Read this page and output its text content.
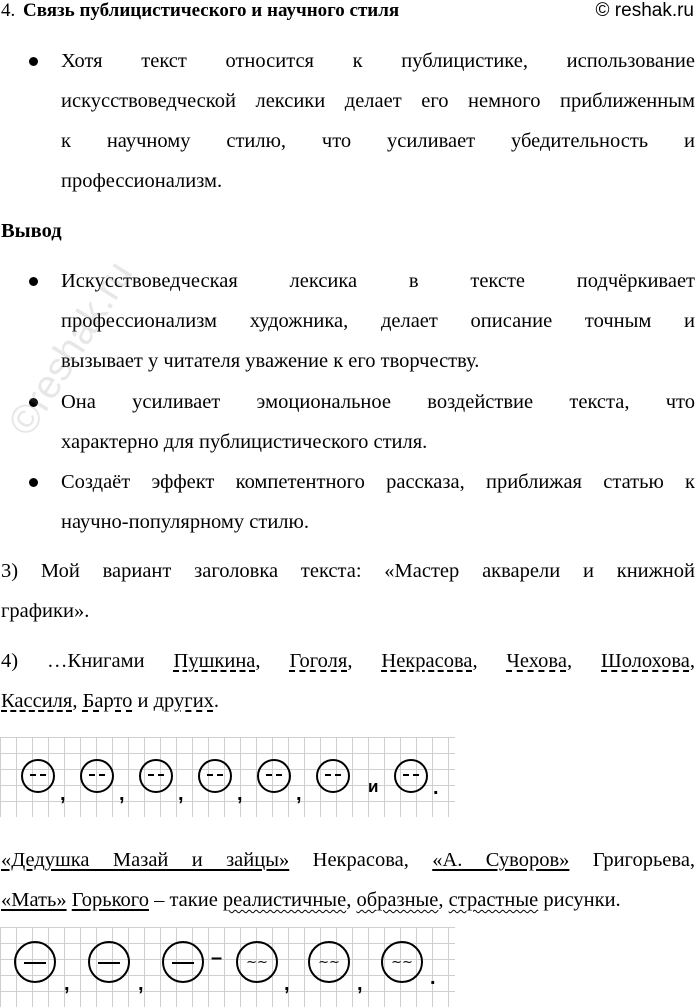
4. Связь публицистического и научного стиля	© reshak.ru
Хотя текст относится к публицистике, использование
искусствоведческой лексики делает его немного приближенным
к научному стилю, что усиливает убедительность и
профессионализм.
Вывод
Искусствоведческая лексика в тексте подчёркивает
профессионализм художника, делает описание точным и
вызывает у читателя уважение к его творчеству.
Она усиливает эмоциональное воздействие текста, что
характерно для публицистического стиля.
Создаёт эффект компетентного рассказа, приближая статью к
научно-популярному стилю.
3) Мой вариант заголовка текста: «Мастер акварели и книжной
графики».
4) …Книгами Пушкина, Гоголя, Некрасова, Чехова, Шолохова,
Кассиля, Барто и других.
,	,	,	,	,	и	.
«Дедушка Мазай и зайцы» Некрасова, «А. Суворов» Григорьева,
«Мать» Горького – такие реалистичные, образные, страстные рисунки.
,	,
–	~~
,
~~
,
~~
.
©reshak.ru
